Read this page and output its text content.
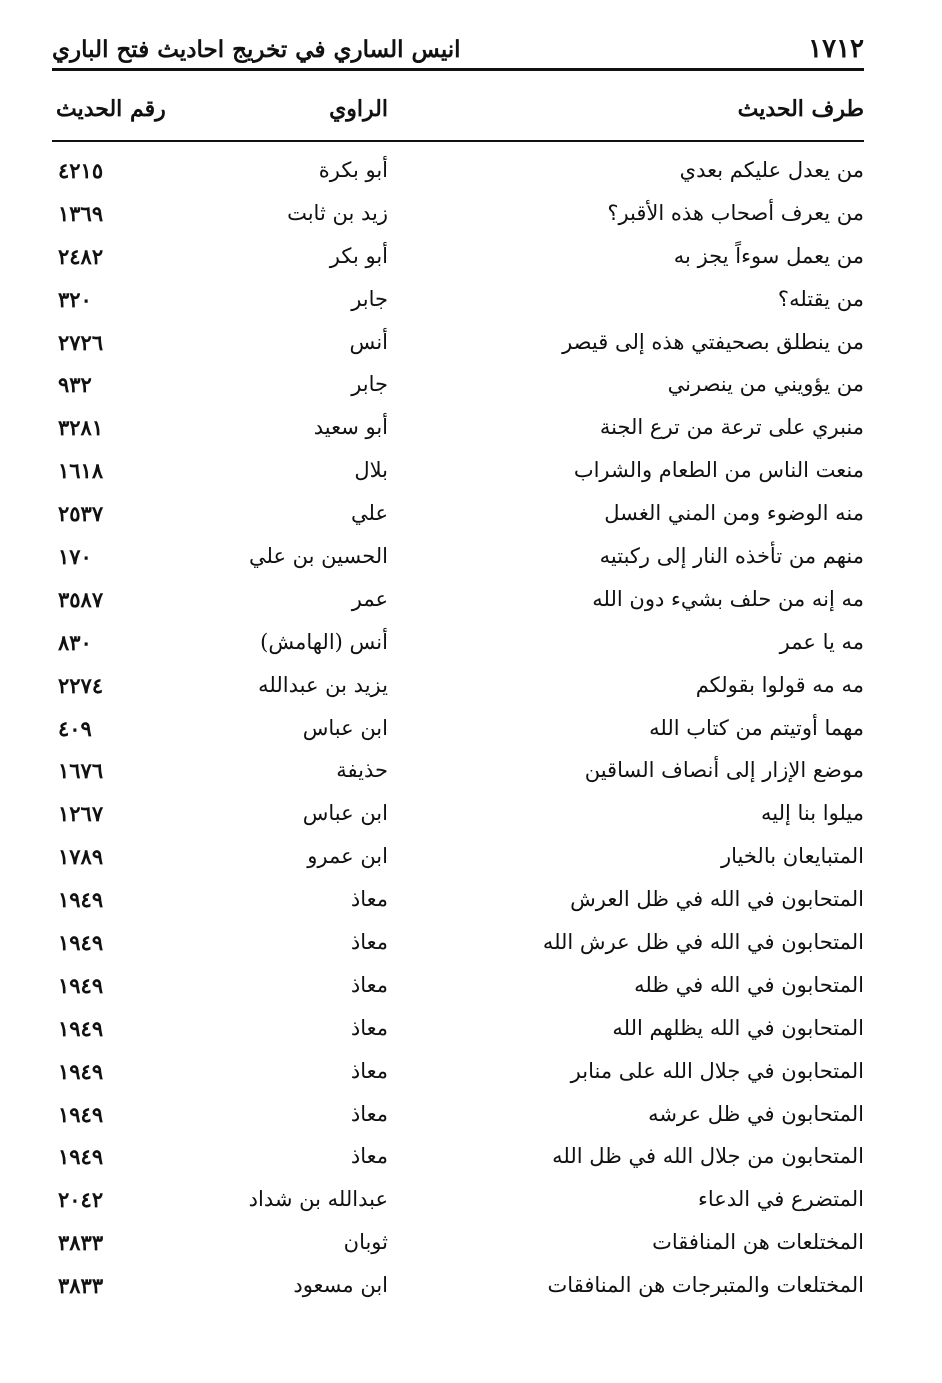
١٧١٢
انيس الساري في تخريج احاديث فتح الباري
طرف الحديث
الراوي
رقم الحديث
من يعدل عليكم بعدي
أبو بكرة
٤٢١٥
من يعرف أصحاب هذه الأقبر؟
زيد بن ثابت
١٣٦٩
من يعمل سوءاً يجز به
أبو بكر
٢٤٨٢
من يقتله؟
جابر
٣٢٠
من ينطلق بصحيفتي هذه إلى قيصر
أنس
٢٧٢٦
من يؤويني من ينصرني
جابر
٩٣٢
منبري على ترعة من ترع الجنة
أبو سعيد
٣٢٨١
منعت الناس من الطعام والشراب
بلال
١٦١٨
منه الوضوء ومن المني الغسل
علي
٢٥٣٧
منهم من تأخذه النار إلى ركبتيه
الحسين بن علي
١٧٠
مه إنه من حلف بشيء دون الله
عمر
٣٥٨٧
مه يا عمر
أنس (الهامش)
٨٣٠
مه مه قولوا بقولكم
يزيد بن عبدالله
٢٢٧٤
مهما أوتيتم من كتاب الله
ابن عباس
٤٠٩
موضع الإزار إلى أنصاف الساقين
حذيفة
١٦٧٦
ميلوا بنا إليه
ابن عباس
١٢٦٧
المتبايعان بالخيار
ابن عمرو
١٧٨٩
المتحابون في الله في ظل العرش
معاذ
١٩٤٩
المتحابون في الله في ظل عرش الله
معاذ
١٩٤٩
المتحابون في الله في ظله
معاذ
١٩٤٩
المتحابون في الله يظلهم الله
معاذ
١٩٤٩
المتحابون في جلال الله على منابر
معاذ
١٩٤٩
المتحابون في ظل عرشه
معاذ
١٩٤٩
المتحابون من جلال الله في ظل الله
معاذ
١٩٤٩
المتضرع في الدعاء
عبدالله بن شداد
٢٠٤٢
المختلعات هن المنافقات
ثوبان
٣٨٣٣
المختلعات والمتبرجات هن المنافقات
ابن مسعود
٣٨٣٣
